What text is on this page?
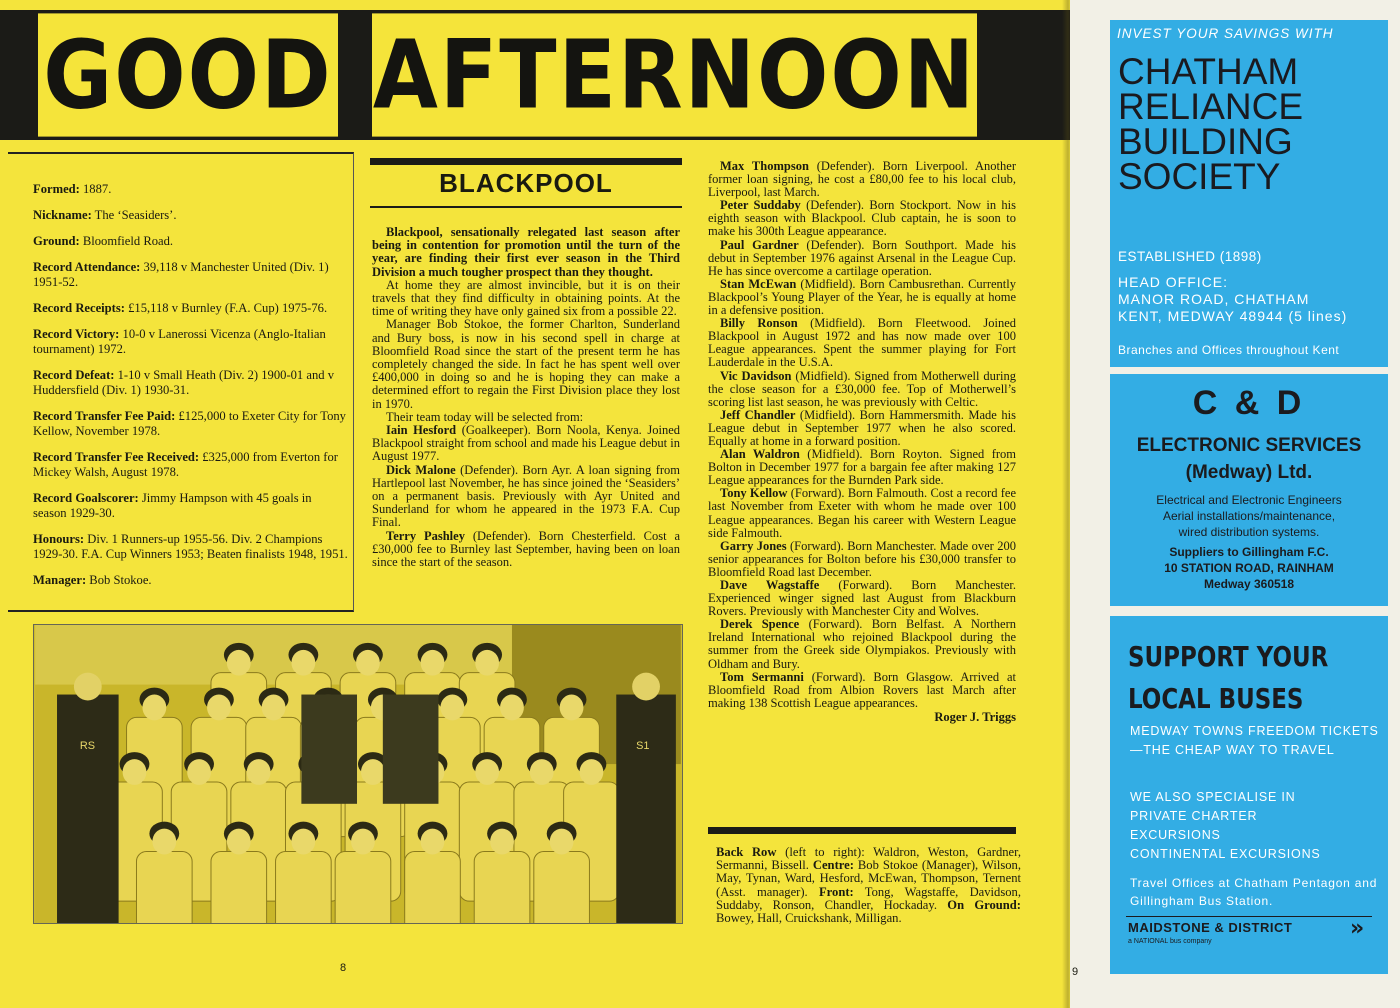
GOOD AFTERNOON
Formed: 1887.
Nickname: The ‘Seasiders’.
Ground: Bloomfield Road.
Record Attendance: 39,118 v Manchester United (Div. 1) 1951-52.
Record Receipts: £15,118 v Burnley (F.A. Cup) 1975-76.
Record Victory: 10-0 v Lanerossi Vicenza (Anglo-Italian tournament) 1972.
Record Defeat: 1-10 v Small Heath (Div. 2) 1900-01 and v Huddersfield (Div. 1) 1930-31.
Record Transfer Fee Paid: £125,000 to Exeter City for Tony Kellow, November 1978.
Record Transfer Fee Received: £325,000 from Everton for Mickey Walsh, August 1978.
Record Goalscorer: Jimmy Hampson with 45 goals in season 1929-30.
Honours: Div. 1 Runners-up 1955-56. Div. 2 Champions 1929-30. F.A. Cup Winners 1953; Beaten finalists 1948, 1951.
Manager: Bob Stokoe.
BLACKPOOL

Blackpool, sensationally relegated last season after being in contention for promotion until the turn of the year, are finding their first ever season in the Third Division a much tougher prospect than they thought.

At home they are almost invincible, but it is on their travels that they find difficulty in obtaining points. At the time of writing they have only gained six from a possible 22.

Manager Bob Stokoe, the former Charlton, Sunderland and Bury boss, is now in his second spell in charge at Bloomfield Road since the start of the present term he has completely changed the side. In fact he has spent well over £400,000 in doing so and he is hoping they can make a determined effort to regain the First Division place they lost in 1970.

Their team today will be selected from:

Iain Hesford (Goalkeeper). Born Noola, Kenya. Joined Blackpool straight from school and made his League debut in August 1977.

Dick Malone (Defender). Born Ayr. A loan signing from Hartlepool last November, he has since joined the ‘Seasiders’ on a permanent basis. Previously with Ayr United and Sunderland for whom he appeared in the 1973 F.A. Cup Final.

Terry Pashley (Defender). Born Chesterfield. Cost a £30,000 fee to Burnley last September, having been on loan since the start of the season.

RS	S1

Max Thompson (Defender). Born Liverpool. Another former loan signing, he cost a £80,00 fee to his local club, Liverpool, last March.

Peter Suddaby (Defender). Born Stockport. Now in his eighth season with Blackpool. Club captain, he is soon to make his 300th League appearance.

Paul Gardner (Defender). Born Southport. Made his debut in September 1976 against Arsenal in the League Cup. He has since overcome a cartilage operation.

Stan McEwan (Midfield). Born Cambusrethan. Currently Blackpool’s Young Player of the Year, he is equally at home in a defensive position.

Billy Ronson (Midfield). Born Fleetwood. Joined Blackpool in August 1972 and has now made over 100 League appearances. Spent the summer playing for Fort Lauderdale in the U.S.A.

Vic Davidson (Midfield). Signed from Motherwell during the close season for a £30,000 fee. Top of Motherwell’s scoring list last season, he was previously with Celtic.

Jeff Chandler (Midfield). Born Hammersmith. Made his League debut in September 1977 when he also scored. Equally at home in a forward position.

Alan Waldron (Midfield). Born Royton. Signed from Bolton in December 1977 for a bargain fee after making 127 League appearances for the Burnden Park side.

Tony Kellow (Forward). Born Falmouth. Cost a record fee last November from Exeter with whom he made over 100 League appearances. Began his career with Western League side Falmouth.

Garry Jones (Forward). Born Manchester. Made over 200 senior appearances for Bolton before his £30,000 transfer to Bloomfield Road last December.

Dave Wagstaffe (Forward). Born Manchester. Experienced winger signed last August from Blackburn Rovers. Previously with Manchester City and Wolves.

Derek Spence (Forward). Born Belfast. A Northern Ireland International who rejoined Blackpool during the summer from the Greek side Olympiakos. Previously with Oldham and Bury.

Tom Sermanni (Forward). Born Glasgow. Arrived at Bloomfield Road from Albion Rovers last March after making 138 Scottish League appearances.

Roger J. Triggs
Back Row (left to right): Waldron, Weston, Gardner, Sermanni, Bissell. Centre: Bob Stokoe (Manager), Wilson, May, Tynan, Ward, Hesford, McEwan, Thompson, Ternent (Asst. manager). Front: Tong, Wagstaffe, Davidson, Suddaby, Ronson, Chandler, Hockaday. On Ground: Bowey, Hall, Cruickshank, Milligan.
8	9
INVEST YOUR SAVINGS WITH
CHATHAM
RELIANCE
BUILDING
SOCIETY
ESTABLISHED (1898)
HEAD OFFICE:
MANOR ROAD, CHATHAM
KENT, MEDWAY 48944 (5 lines)
Branches and Offices throughout Kent
C & D
ELECTRONIC SERVICES
(Medway) Ltd.
Electrical and Electronic Engineers
Aerial installations/maintenance,
wired distribution systems.
Suppliers to Gillingham F.C.
10 STATION ROAD, RAINHAM
Medway 360518
SUPPORT YOUR
LOCAL BUSES
MEDWAY TOWNS FREEDOM TICKETS—THE CHEAP WAY TO TRAVEL
WE ALSO SPECIALISE IN
PRIVATE CHARTER
EXCURSIONS
CONTINENTAL EXCURSIONS
Travel Offices at Chatham Pentagon and Gillingham Bus Station.
MAIDSTONE & DISTRICT
a NATIONAL bus company
»
